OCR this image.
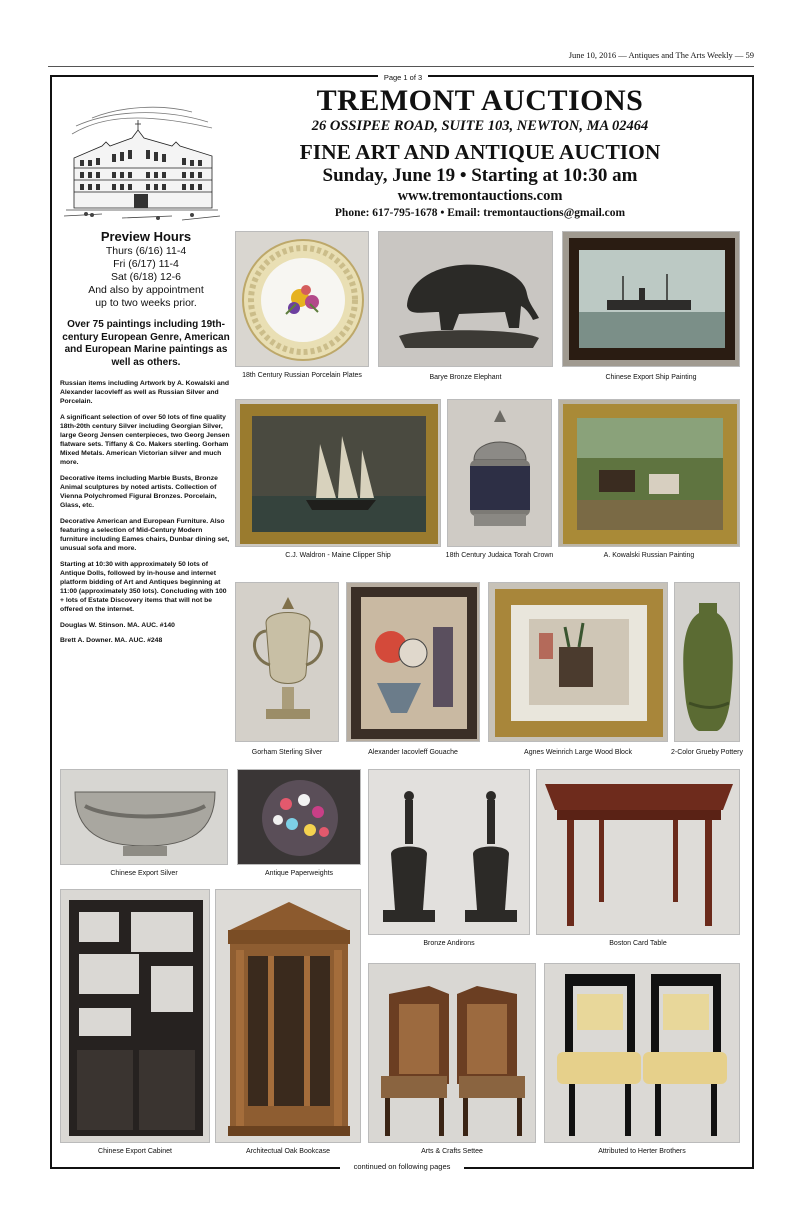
June 10, 2016 — Antiques and The Arts Weekly — 59
Page 1 of 3
TREMONT AUCTIONS
26 OSSIPEE ROAD, SUITE 103, NEWTON, MA 02464
FINE ART AND ANTIQUE AUCTION
Sunday, June 19 • Starting at 10:30 am
www.tremontauctions.com
Phone: 617-795-1678 • Email: tremontauctions@gmail.com
Preview Hours
Thurs (6/16) 11-4
Fri (6/17) 11-4
Sat (6/18) 12-6
And also by appointment
up to two weeks prior.
Over 75 paintings including 19th-century European Genre, American and European Marine paintings as well as others.
Russian items including Artwork by A. Kowalski and Alexander Iacovleff as well as Russian Silver and Porcelain.
A significant selection of over 50 lots of fine quality 18th-20th century Silver including Georgian Silver, large Georg Jensen centerpieces, two Georg Jensen flatware sets. Tiffany & Co. Makers sterling. Gorham Mixed Metals. American Victorian silver and much more.
Decorative items including Marble Busts, Bronze Animal sculptures by noted artists. Collection of Vienna Polychromed Figural Bronzes. Porcelain, Glass, etc.
Decorative American and European Furniture. Also featuring a selection of Mid-Century Modern furniture including Eames chairs, Dunbar dining set, unusual sofa and more.
Starting at 10:30 with approximately 50 lots of Antique Dolls, followed by in-house and internet platform bidding of Art and Antiques beginning at 11:00 (approximately 350 lots). Concluding with 100 + lots of Estate Discovery items that will not be offered on the internet.
Douglas W. Stinson. MA. AUC. #140
Brett A. Downer. MA. AUC. #248
18th Century Russian Porcelain Plates	Barye Bronze Elephant	Chinese Export Ship Painting
C.J. Waldron - Maine Clipper Ship	18th Century Judaica Torah Crown	A. Kowalski Russian Painting
Gorham Sterling Silver	Alexander Iacovleff Gouache	Agnes Weinrich Large Wood Block	2-Color Grueby Pottery
Chinese Export Silver	Antique Paperweights
Bronze Andirons	Boston Card Table
Chinese Export Cabinet	Architectual Oak Bookcase	Arts & Crafts Settee	Attributed to Herter Brothers
continued on following pages
